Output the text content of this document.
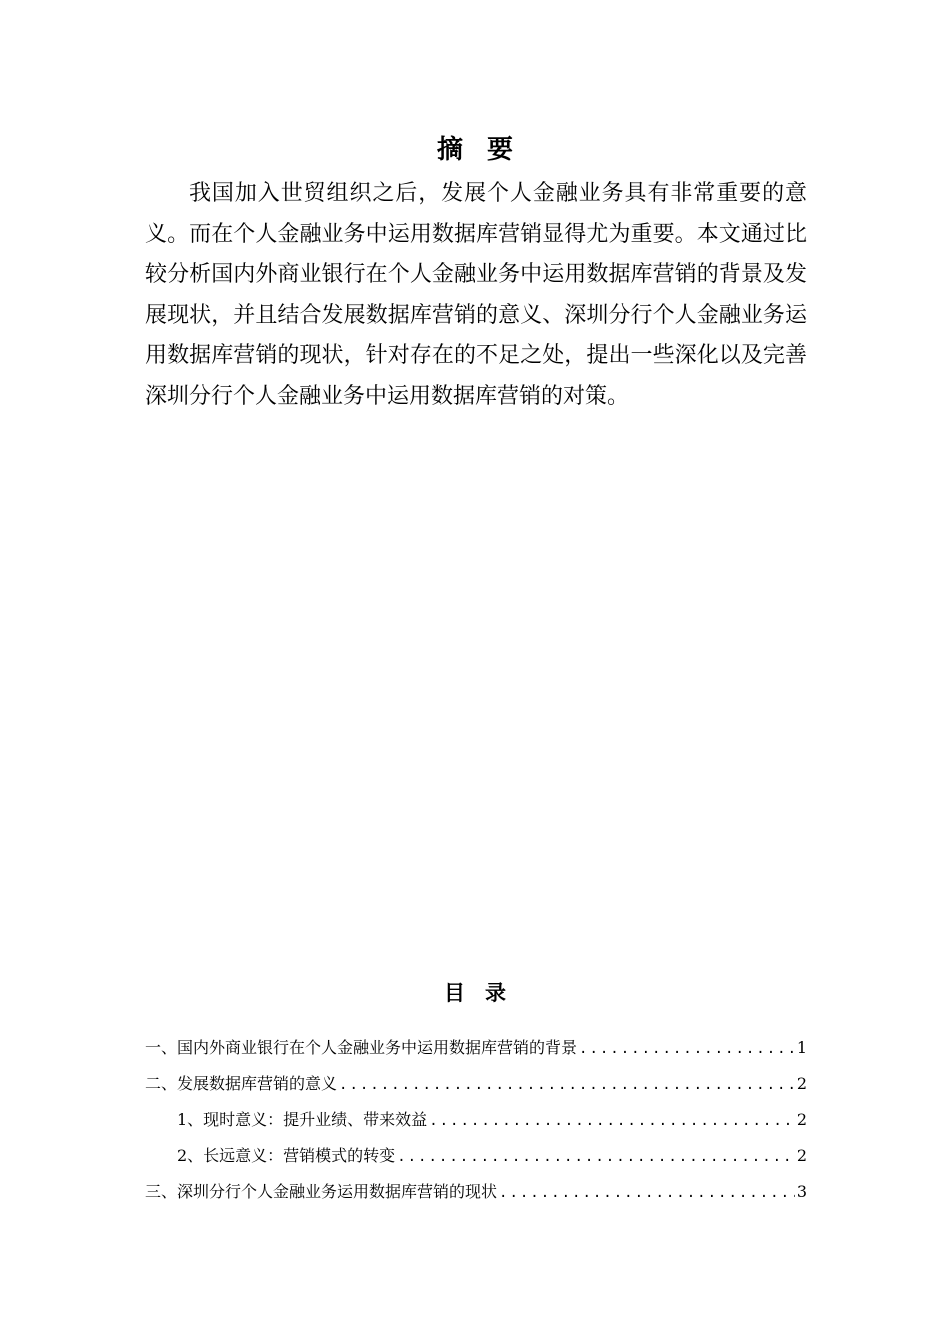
摘要

我国加入世贸组织之后，发展个人金融业务具有非常重要的意义。而在个人金融业务中运用数据库营销显得尤为重要。本文通过比较分析国内外商业银行在个人金融业务中运用数据库营销的背景及发展现状，并且结合发展数据库营销的意义、深圳分行个人金融业务运用数据库营销的现状，针对存在的不足之处，提出一些深化以及完善深圳分行个人金融业务中运用数据库营销的对策。

目录
一、国内外商业银行在个人金融业务中运用数据库营销的背景 .....	1
二、发展数据库营销的意义 .....	2
1、现时意义：提升业绩、带来效益 .....	2
2、长远意义：营销模式的转变 .....	2
三、深圳分行个人金融业务运用数据库营销的现状 .....	3
